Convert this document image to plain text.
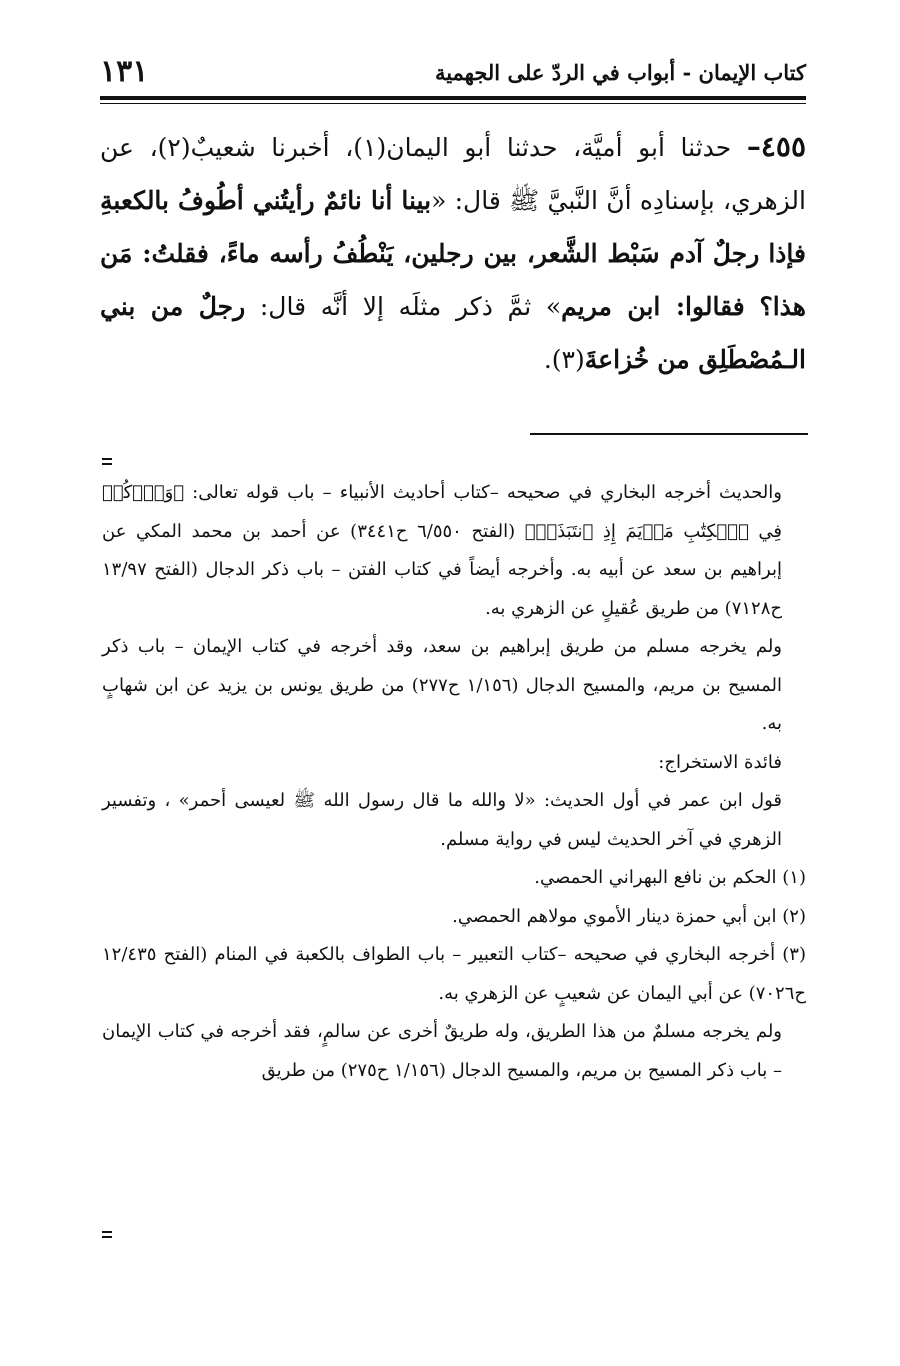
١٣١	كتاب الإيمان - أبواب في الردّ على الجهمية

٤٥٥– حدثنا أبو أميَّة، حدثنا أبو اليمان(١)، أخبرنا شعيبٌ(٢)، عن الزهري، بإسنادِه أنَّ النَّبيَّ ﷺ قال: «بينا أنا نائمٌ رأيتُني أطُوفُ بالكعبةِ فإذا رجلٌ آدم سَبْط الشَّعر، بين رجلين، يَنْطُفُ رأسه ماءً، فقلتُ: مَن هذا؟ فقالوا: ابن مريم» ثمَّ ذكر مثلَه إلا أنَّه قال: رجلٌ من بني الـمُصْطَلِق من خُزاعةَ(٣).

والحديث أخرجه البخاري في صحيحه –كتاب أحاديث الأنبياء – باب قوله تعالى: ﴿وَٱذۡكُرۡ فِي ٱلۡكِتَٰبِ مَرۡيَمَ إِذِ ٱنتَبَذَتۡ﴾ (الفتح ٦/٥٥٠ ح٣٤٤١) عن أحمد بن محمد المكي عن إبراهيم بن سعد عن أبيه به. وأخرجه أيضاً في كتاب الفتن – باب ذكر الدجال (الفتح ١٣/٩٧ ح٧١٢٨) من طريق عُقيلٍ عن الزهري به.

ولم يخرجه مسلم من طريق إبراهيم بن سعد، وقد أخرجه في كتاب الإيمان – باب ذكر المسيح بن مريم، والمسيح الدجال (١/١٥٦ ح٢٧٧) من طريق يونس بن يزيد عن ابن شهابٍ به.

فائدة الاستخراج:

قول ابن عمر في أول الحديث: «لا والله ما قال رسول الله ﷺ لعيسى أحمر» ، وتفسير الزهري في آخر الحديث ليس في رواية مسلم.

(١) الحكم بن نافع البهراني الحمصي.

(٢) ابن أبي حمزة دينار الأموي مولاهم الحمصي.

(٣) أخرجه البخاري في صحيحه –كتاب التعبير – باب الطواف بالكعبة في المنام (الفتح ١٢/٤٣٥ ح٧٠٢٦) عن أبي اليمان عن شعيبٍ عن الزهري به.

ولم يخرجه مسلمٌ من هذا الطريق، وله طريقٌ أخرى عن سالمٍ، فقد أخرجه في كتاب الإيمان – باب ذكر المسيح بن مريم، والمسيح الدجال (١/١٥٦ ح٢٧٥) من طريق
